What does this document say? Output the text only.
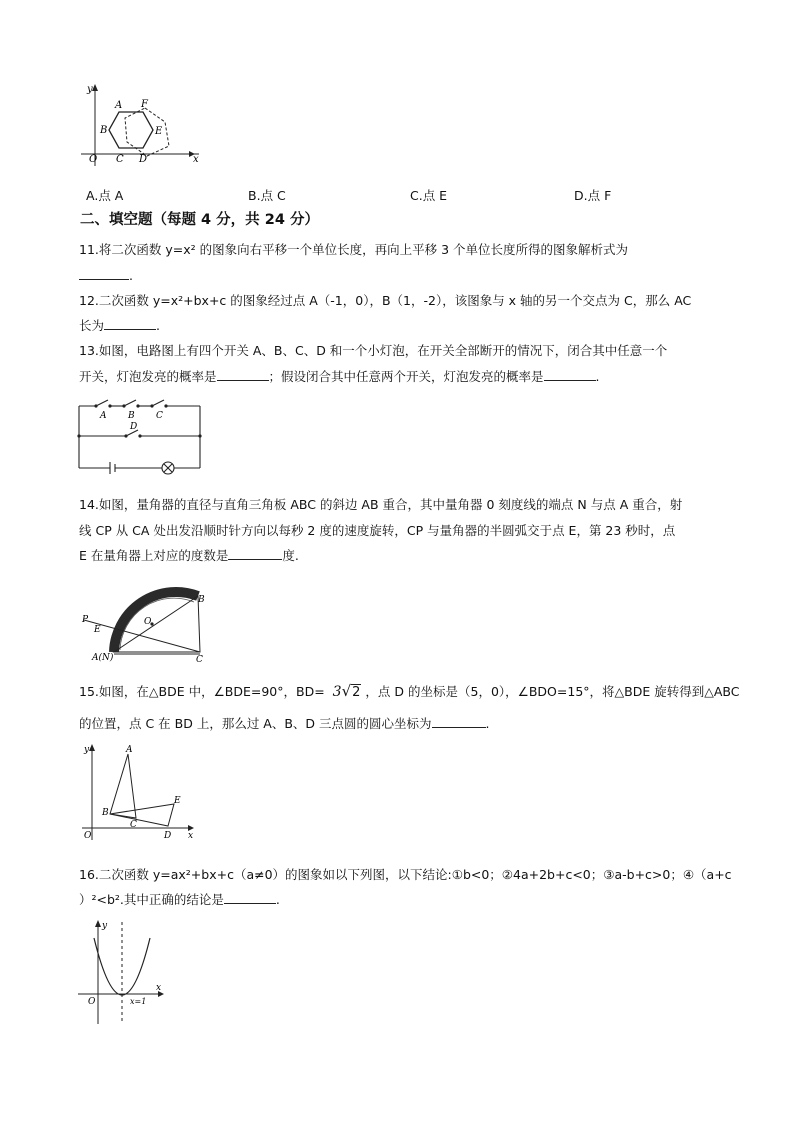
y
x
O
A F
B	E
C D
A.点 A	B.点 C	C.点 E	D.点 F
二、填空题（每题 4 分，共 24 分）
11.将二次函数 y=x² 的图象向右平移一个单位长度，再向上平移 3 个单位长度所得的图象解析式为
.
12.二次函数 y=x²+bx+c 的图象经过点 A（-1，0），B（1，-2），该图象与 x 轴的另一个交点为 C，那么 AC
长为	.
13.如图，电路图上有四个开关 A、B、C、D 和一个小灯泡，在开关全部断开的情况下，闭合其中任意一个
开关，灯泡发亮的概率是	；假设闭合其中任意两个开关，灯泡发亮的概率是	.
A B C
D
14.如图，量角器的直径与直角三角板 ABC 的斜边 AB 重合，其中量角器 0 刻度线的端点 N 与点 A 重合，射
线 CP 从 CA 处出发沿顺时针方向以每秒 2 度的速度旋转，CP 与量角器的半圆弧交于点 E，第 23 秒时，点
E 在量角器上对应的度数是	度.
B
P
E
O
A(N)	C
15.如图，在△BDE 中，∠BDE=90°，BD= 3√2 ，点 D 的坐标是（5，0），∠BDO=15°，将△BDE 旋转得到△ABC
的位置，点 C 在 BD 上，那么过 A、B、D 三点圆的圆心坐标为	.
y	A
B
E
C
D
O	x
16.二次函数 y=ax²+bx+c（a≠0）的图象如以下列图，以下结论:①b<0；②4a+2b+c<0；③a-b+c>0；④（a+c
）²<b².其中正确的结论是	.
y
x
O	x=1
